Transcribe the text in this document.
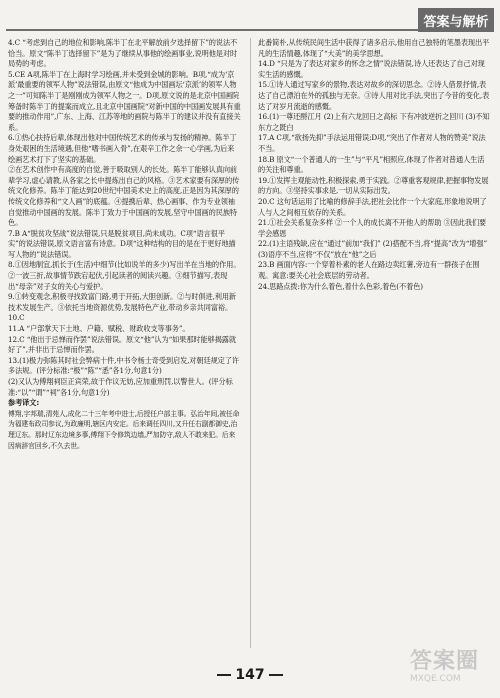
答案与解析

4.C “考虑到自己的地位和影响,陈半丁在北平解放前夕选择留下”的说法不恰当。原文“陈半丁选择留下”是为了继续从事他的绘画事业,说明他是对时局势的考虑。

5.CE A项,陈半丁在上海时学习绘画,并未受到金城的影响。B项,“成为‘京派’最重要的领军人物”说法错误,由原文“他成为中国画坛‘京派’的领军人物之一”可知陈半丁是刚刚成为领军人物之一。D项,原文说的是北京中国画院筹备时陈半丁的提案而成立,且北京中国画院“对新中国的中国画发展具有重要的推动作用”,广东、上海、江苏等地的画院与陈半丁的建议并没有直接关系。

6.①热心扶持后辈,体现出他对中国传统艺术的传承与发扬的精神。陈半丁身处艰困的生活境遇,但他“嗜书画入骨”,在艰辛工作之余一心学画,为后来绘画艺术打下了坚实的基础。

②在艺术创作中有高度的自觉,善于吸取别人的长处。陈半丁能够认真向前辈学习,虚心请教,从各家之长中提炼出自己的风格。③艺术家要有深厚的传统文化修养。陈半丁能达到20世纪中国美术史上的高度,正是因为其深厚的传统文化修养和“文人画”的底蕴。④提携后辈、热心画事、作为专业领袖自觉推动中国画的发展。陈半丁致力于中国画的发展,坚守中国画的民族特色。

7.B A“脱贫攻坚战”说法错误,只是脱贫项目,尚未成功。C项“语言很平实”的说法错误,原文语言富有诗意。D项“这种结构的目的是在于更好地描写人物的”说法错误。

8.①因地制宜,抓长于(生活)中细节(比如说羊的多少)写出羊在当地的作用。②一波三折,故事情节跌宕起伏,引起读者的阅读兴趣。③细节描写,表现出“母亲”对子女的关心与爱护。

9.①转变观念,积极寻找致富门路,勇于开拓,大胆创新。②与时俱进,利用新技术发展生产。③依托当地资源优势,发展特色产业,带动乡亲共同富裕。

10.C

11.A “户部掌天下土地、户籍、赋税、财政收支等事务”。

12.C “他出于忌惮而作罢”说法错误。原文“他”认为“如果那时能够揭露就好了”,并非出于忌惮而作罢。

13.(1)极力弥陈其时社会弊病十件,中书令杨士奇受到启发,对朝廷规定了许多法规。(评分标准:“极”“陈”“悉”各1分,句意1分)

(2)又认为傅翔祠臣正宾荣,故于作议无妨,应加重刑罚,以警世人。(评分标准:“以”“谓”“祠”各1分,句意1分)

参考译文:

傅翔,字邦瑞,清苑人,成化二十三年考中进士,后授任户部主事。弘治年间,被任命为福建布政司参议,为政廉明,辖区内安定。后来调任四川,又升任右副都御史,治理辽东。那时辽东边境多事,傅翔下令修筑边墙,严加防守,敌人不敢来犯。后来因病辞官回乡,不久去世。

此番简朴,从传统民间生活中获得了诸多启示,他用自己独特的笔墨表现出平凡的生活情趣,体现了“大美”的美学思想。

14.D “只是为了表达对家乡的怀念之情”说法错误,诗人还表达了自己对现实生活的感慨。

15.①诗人通过写家乡的景物,表达对故乡的深切思念。②诗人借景抒情,表达了自己漂泊在外的孤独与无奈。③诗人用对比手法,突出了今昔的变化,表达了对岁月流逝的感慨。

16.(1)一尊还酹江月 (2)上有六龙回日之高标 下有冲波逆折之回川 (3)不知东方之既白

17.A C项,“欲扬先抑”手法运用错误;D项,“突出了作者对人物的赞美”说法不当。

18.B 原文“一个普通人的一生”与“平凡”相照应,体现了作者对普通人生活的关注和尊重。

19.①发挥主观能动性,积极探索,勇于实践。②尊重客观规律,把握事物发展的方向。③坚持实事求是,一切从实际出发。

20.C 这句话运用了比喻的修辞手法,把社会比作一个大家庭,形象地说明了人与人之间相互依存的关系。

21.①社会关系复杂多样 ②一个人的成长离不开他人的帮助 ③因此我们要学会感恩

22.(1)主语残缺,应在“通过”前加“我们” (2)搭配不当,将“提高”改为“增强” (3)语序不当,应将“不仅”放在“他”之后

23.B 画面内容:一个穿着朴素的老人在路边卖红薯,旁边有一群孩子在围观。寓意:要关心社会底层的劳动者。

24.思路点拨:你为什么着色,着什么色彩,着色(不着色)

147
答案圈
MXQE.COM
